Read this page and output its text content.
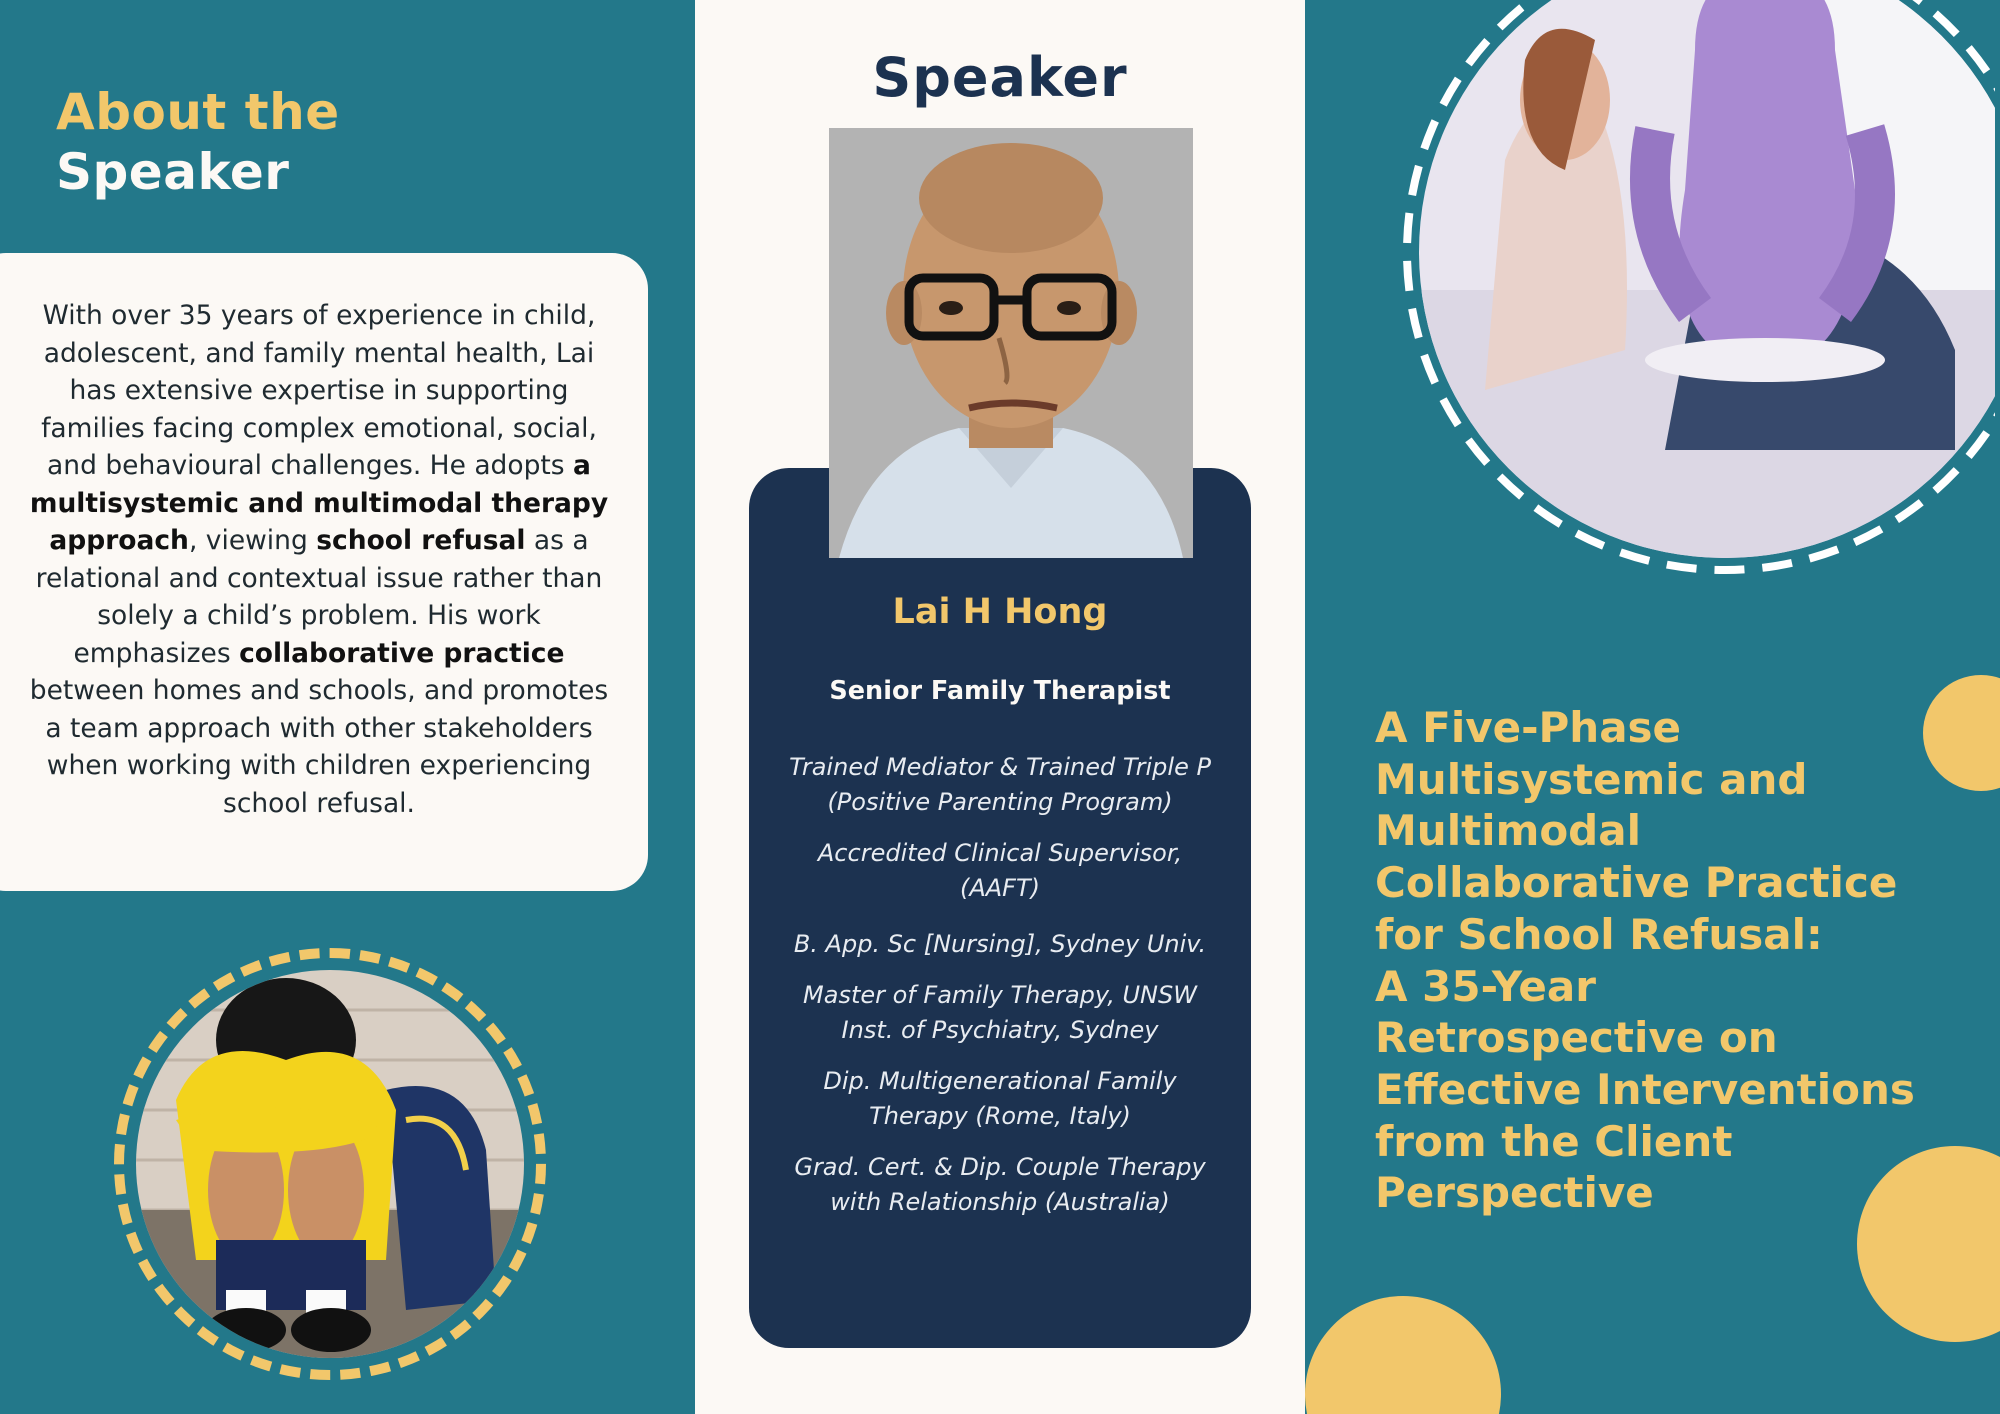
About the
Speaker

With over 35 years of experience in child, adolescent, and family mental health, Lai has extensive expertise in supporting families facing complex emotional, social, and behavioural challenges. He adopts a multisystemic and multimodal therapy approach, viewing school refusal as a relational and contextual issue rather than solely a child’s problem. His work emphasizes collaborative practice between homes and schools, and promotes a team approach with other stakeholders when working with children experiencing school refusal.

Speaker
Lai H Hong

Senior Family Therapist

Trained Mediator & Trained Triple P
(Positive Parenting Program)
Accredited Clinical Supervisor,
(AAFT)
B. App. Sc [Nursing], Sydney Univ.
Master of Family Therapy, UNSW
Inst. of Psychiatry, Sydney
Dip. Multigenerational Family
Therapy (Rome, Italy)
Grad. Cert. & Dip. Couple Therapy
with Relationship (Australia)
A Five-Phase
Multisystemic and
Multimodal
Collaborative Practice
for School Refusal:
A 35-Year
Retrospective on
Effective Interventions
from the Client
Perspective
